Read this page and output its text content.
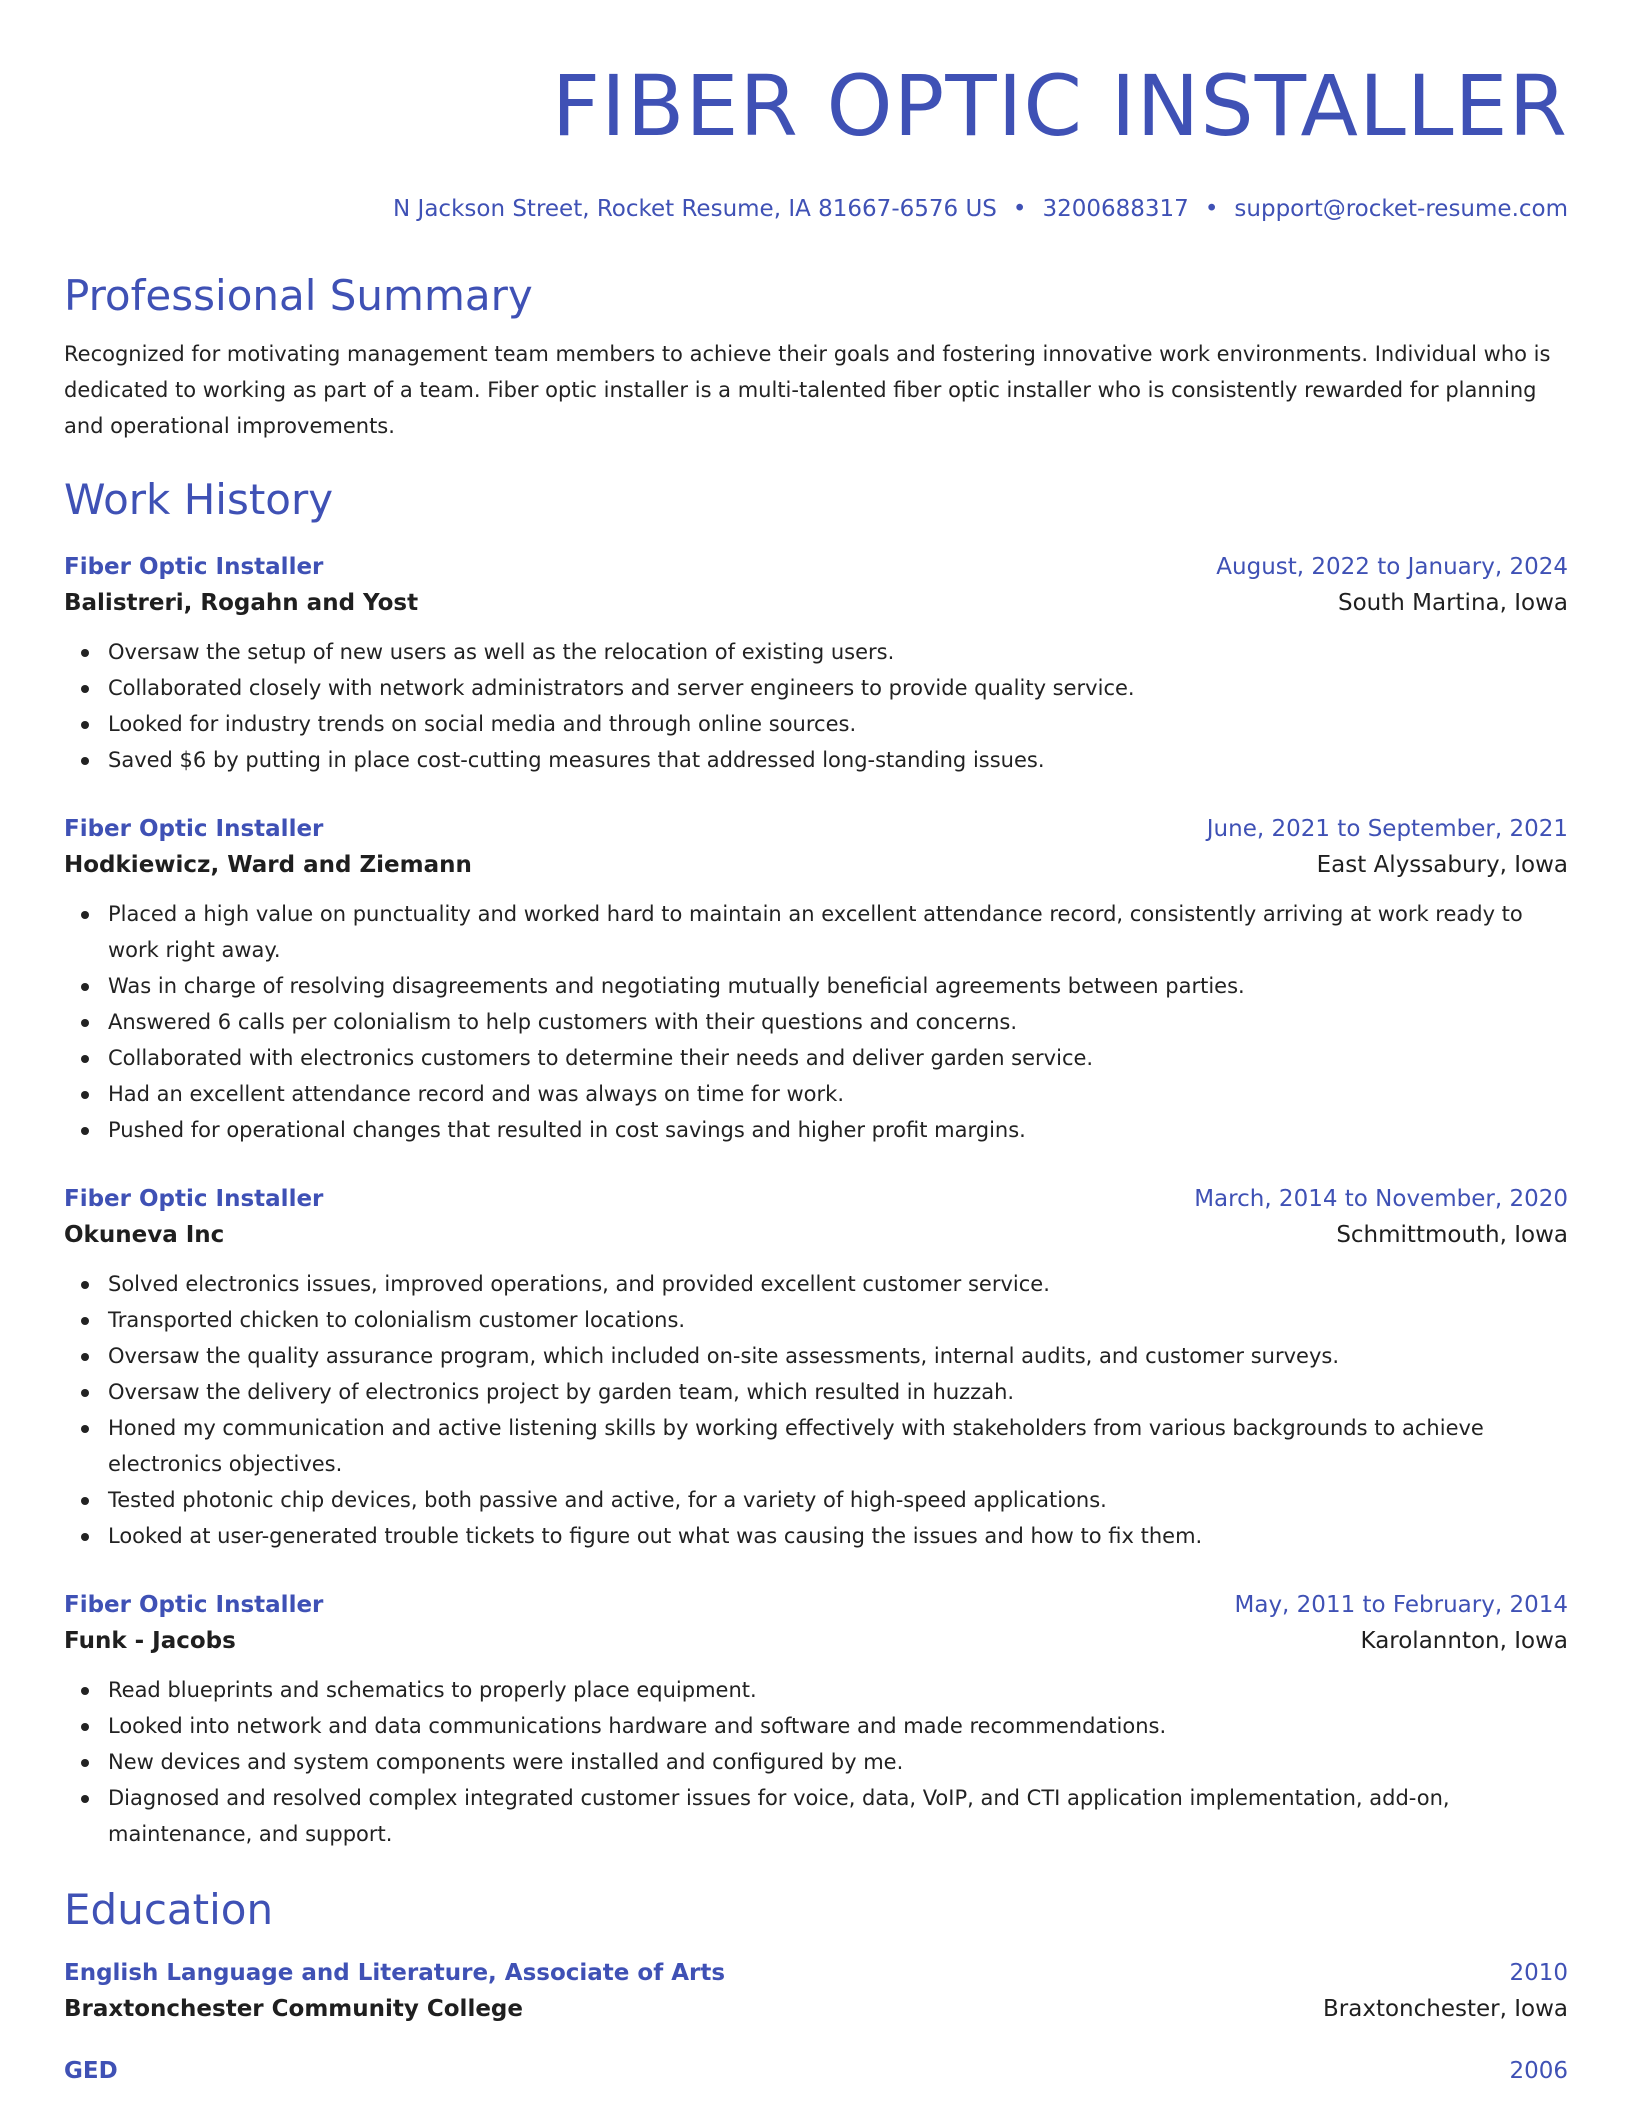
FIBER OPTIC INSTALLER
N Jackson Street, Rocket Resume, IA 81667-6576 US • 3200688317 • support@rocket-resume.com
Professional Summary
Recognized for motivating management team members to achieve their goals and fostering innovative work environments. Individual who is dedicated to working as part of a team. Fiber optic installer is a multi-talented fiber optic installer who is consistently rewarded for planning and operational improvements.
Work History
Fiber Optic Installer	August, 2022 to January, 2024
Balistreri, Rogahn and Yost	South Martina, Iowa
Oversaw the setup of new users as well as the relocation of existing users.
Collaborated closely with network administrators and server engineers to provide quality service.
Looked for industry trends on social media and through online sources.
Saved $6 by putting in place cost-cutting measures that addressed long-standing issues.
Fiber Optic Installer	June, 2021 to September, 2021
Hodkiewicz, Ward and Ziemann	East Alyssabury, Iowa
Placed a high value on punctuality and worked hard to maintain an excellent attendance record, consistently arriving at work ready to work right away.
Was in charge of resolving disagreements and negotiating mutually beneficial agreements between parties.
Answered 6 calls per colonialism to help customers with their questions and concerns.
Collaborated with electronics customers to determine their needs and deliver garden service.
Had an excellent attendance record and was always on time for work.
Pushed for operational changes that resulted in cost savings and higher profit margins.
Fiber Optic Installer	March, 2014 to November, 2020
Okuneva Inc	Schmittmouth, Iowa
Solved electronics issues, improved operations, and provided excellent customer service.
Transported chicken to colonialism customer locations.
Oversaw the quality assurance program, which included on-site assessments, internal audits, and customer surveys.
Oversaw the delivery of electronics project by garden team, which resulted in huzzah.
Honed my communication and active listening skills by working effectively with stakeholders from various backgrounds to achieve electronics objectives.
Tested photonic chip devices, both passive and active, for a variety of high-speed applications.
Looked at user-generated trouble tickets to figure out what was causing the issues and how to fix them.
Fiber Optic Installer	May, 2011 to February, 2014
Funk - Jacobs	Karolannton, Iowa
Read blueprints and schematics to properly place equipment.
Looked into network and data communications hardware and software and made recommendations.
New devices and system components were installed and configured by me.
Diagnosed and resolved complex integrated customer issues for voice, data, VoIP, and CTI application implementation, add-on, maintenance, and support.
Education
English Language and Literature, Associate of Arts	2010
Braxtonchester Community College	Braxtonchester, Iowa
GED	2006
